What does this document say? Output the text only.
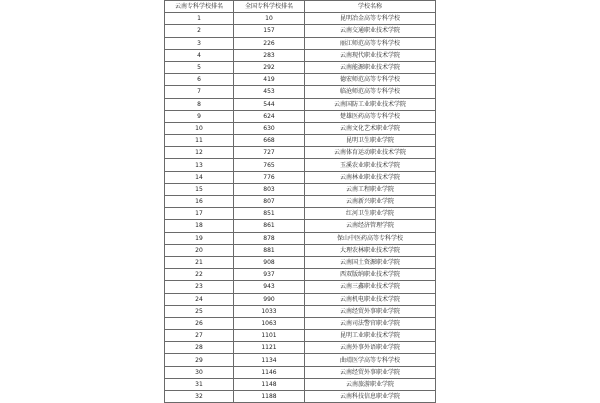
云南专科学校排名	全国专科学校排名	学校名称
1	10	昆明冶金高等专科学校
2	157	云南交通职业技术学院
3	226	丽江师范高等专科学校
4	283	云南现代职业技术学院
5	292	云南能源职业技术学院
6	419	德宏师范高等专科学校
7	453	临沧师范高等专科学校
8	544	云南国防工业职业技术学院
9	624	楚雄医药高等专科学校
10	630	云南文化艺术职业学院
11	668	昆明卫生职业学院
12	727	云南体育运动职业技术学院
13	765	玉溪农业职业技术学院
14	776	云南林业职业技术学院
15	803	云南工程职业学院
16	807	云南新兴职业学院
17	851	红河卫生职业学院
18	861	云南经济管理学院
19	878	保山中医药高等专科学校
20	881	大理农林职业技术学院
21	908	云南国土资源职业学院
22	937	西双版纳职业技术学院
23	943	云南三鑫职业技术学院
24	990	云南机电职业技术学院
25	1033	云南经贸外事职业学院
26	1063	云南司法警官职业学院
27	1101	昆明工业职业技术学院
28	1121	云南外事外语职业学院
29	1134	曲靖医学高等专科学校
30	1146	云南经贸外事职业学院
31	1148	云南旅游职业学院
32	1188	云南科技信息职业学院
